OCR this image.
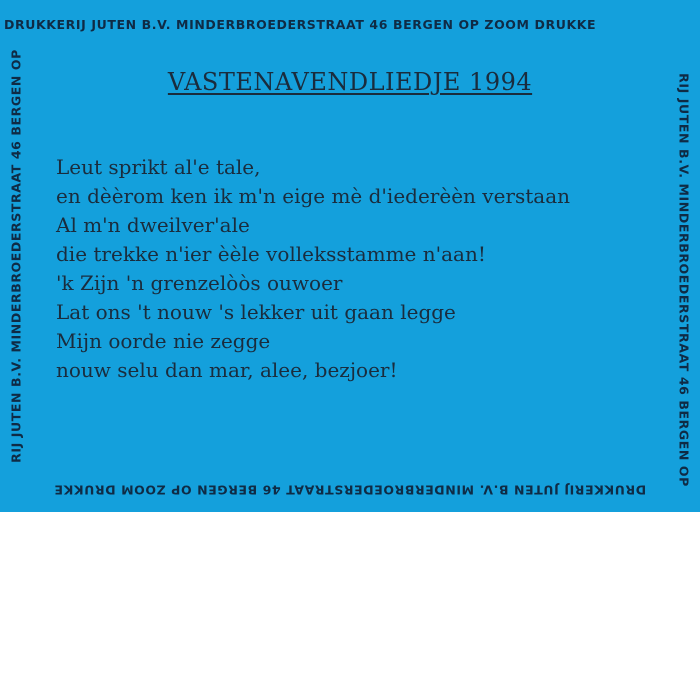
DRUKKERIJ JUTEN B.V. MINDERBROEDERSTRAAT 46 BERGEN OP ZOOM DRUKKE
RIJ JUTEN B.V. MINDERBROEDERSTRAAT 46 BERGEN OP
DRUKKERIJ JUTEN B.V. MINDERBROEDERSTRAAT 46 BERGEN OP ZOOM DRUKKE
RIJ JUTEN B.V. MINDERBROEDERSTRAAT 46 BERGEN OP	VASTENAVENDLIEDJE 1994
Leut sprikt al'e tale,
en dèèrom ken ik m'n eige mè d'iederèèn verstaan
Al m'n dweilver'ale
die trekke n'ier èèle volleksstamme n'aan!
'k Zijn 'n grenzelòòs ouwoer
Lat ons 't nouw 's lekker uit gaan legge
Mijn oorde nie zegge
nouw selu dan mar, alee, bezjoer!
